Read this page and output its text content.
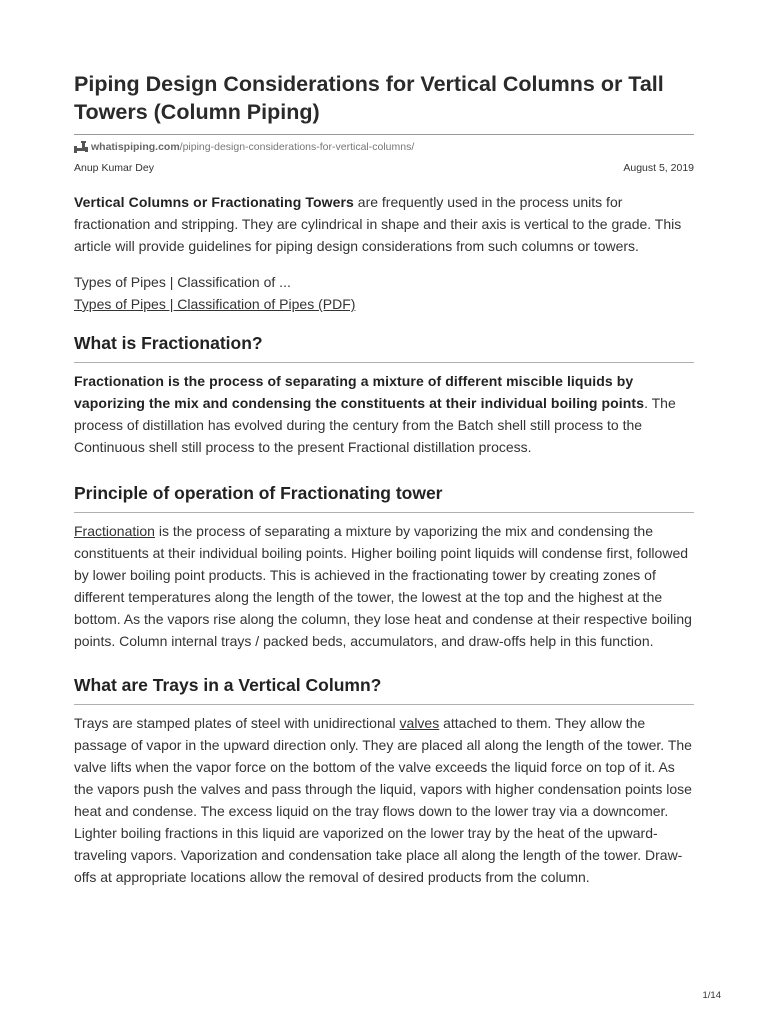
Piping Design Considerations for Vertical Columns or Tall Towers (Column Piping)
whatispiping.com /piping-design-considerations-for-vertical-columns/
Anup Kumar Dey	August 5, 2019

Vertical Columns or Fractionating Towers are frequently used in the process units for fractionation and stripping. They are cylindrical in shape and their axis is vertical to the grade. This article will provide guidelines for piping design considerations from such columns or towers.

Types of Pipes | Classification of ...

Types of Pipes | Classification of Pipes (PDF)

What is Fractionation?

Fractionation is the process of separating a mixture of different miscible liquids by vaporizing the mix and condensing the constituents at their individual boiling points. The process of distillation has evolved during the century from the Batch shell still process to the Continuous shell still process to the present Fractional distillation process.

Principle of operation of Fractionating tower

Fractionation is the process of separating a mixture by vaporizing the mix and condensing the constituents at their individual boiling points. Higher boiling point liquids will condense first, followed by lower boiling point products. This is achieved in the fractionating tower by creating zones of different temperatures along the length of the tower, the lowest at the top and the highest at the bottom. As the vapors rise along the column, they lose heat and condense at their respective boiling points. Column internal trays / packed beds, accumulators, and draw-offs help in this function.

What are Trays in a Vertical Column?

Trays are stamped plates of steel with unidirectional valves attached to them. They allow the passage of vapor in the upward direction only. They are placed all along the length of the tower. The valve lifts when the vapor force on the bottom of the valve exceeds the liquid force on top of it. As the vapors push the valves and pass through the liquid, vapors with higher condensation points lose heat and condense. The excess liquid on the tray flows down to the lower tray via a downcomer. Lighter boiling fractions in this liquid are vaporized on the lower tray by the heat of the upward-traveling vapors. Vaporization and condensation take place all along the length of the tower. Draw-offs at appropriate locations allow the removal of desired products from the column.

1/14
